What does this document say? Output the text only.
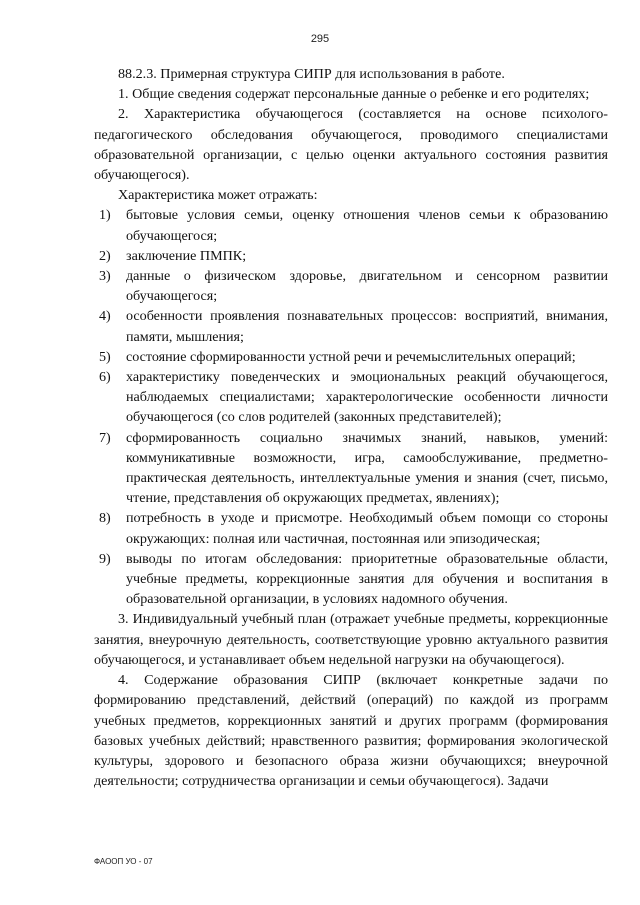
295

88.2.3. Примерная структура СИПР для использования в работе.

1. Общие сведения содержат персональные данные о ребенке и его родителях;

2. Характеристика обучающегося (составляется на основе психолого-педагогического обследования обучающегося, проводимого специалистами образовательной организации, с целью оценки актуального состояния развития обучающегося).

Характеристика может отражать:

1) бытовые условия семьи, оценку отношения членов семьи к образованию обучающегося;
2) заключение ПМПК;
3) данные о физическом здоровье, двигательном и сенсорном развитии обучающегося;
4) особенности проявления познавательных процессов: восприятий, внимания, памяти, мышления;
5) состояние сформированности устной речи и речемыслительных операций;
6) характеристику поведенческих и эмоциональных реакций обучающегося, наблюдаемых специалистами; характерологические особенности личности обучающегося (со слов родителей (законных представителей);
7) сформированность социально значимых знаний, навыков, умений: коммуникативные возможности, игра, самообслуживание, предметно-практическая деятельность, интеллектуальные умения и знания (счет, письмо, чтение, представления об окружающих предметах, явлениях);
8) потребность в уходе и присмотре. Необходимый объем помощи со стороны окружающих: полная или частичная, постоянная или эпизодическая;
9) выводы по итогам обследования: приоритетные образовательные области, учебные предметы, коррекционные занятия для обучения и воспитания в образовательной организации, в условиях надомного обучения.

3. Индивидуальный учебный план (отражает учебные предметы, коррекционные занятия, внеурочную деятельность, соответствующие уровню актуального развития обучающегося, и устанавливает объем недельной нагрузки на обучающегося).

4. Содержание образования СИПР (включает конкретные задачи по формированию представлений, действий (операций) по каждой из программ учебных предметов, коррекционных занятий и других программ (формирования базовых учебных действий; нравственного развития; формирования экологической культуры, здорового и безопасного образа жизни обучающихся; внеурочной деятельности; сотрудничества организации и семьи обучающегося). Задачи

ФАООП УО - 07
